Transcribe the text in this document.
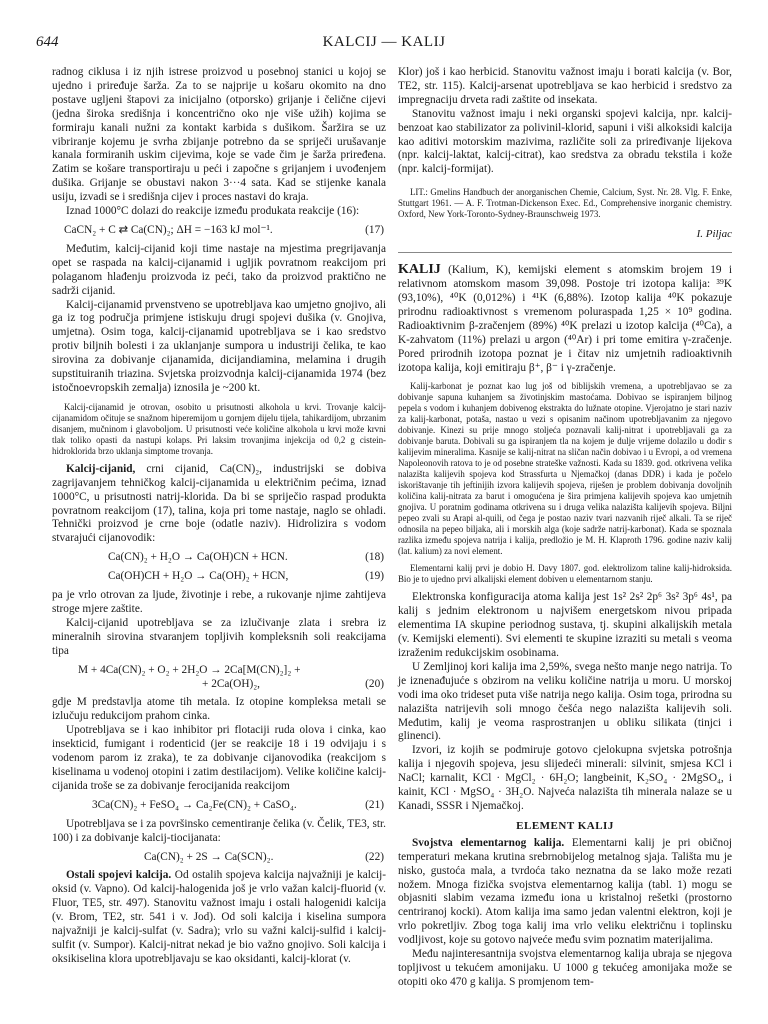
644	KALCIJ — KALIJ

radnog ciklusa i iz njih istrese proizvod u posebnoj stanici u kojoj se ujedno i priređuje šarža. Za to se najprije u košaru okomito na dno postave ugljeni štapovi za inicijalno (otporsko) grijanje i čelične cijevi (jedna široka središnja i koncentrično oko nje više užih) kojima se formiraju kanali nužni za kontakt karbida s dušikom. Šaržira se uz vibriranje kojemu je svrha zbijanje potrebno da se spriječi urušavanje kanala formiranih uskim cijevima, koje se vade čim je šarža priređena. Zatim se košare transportiraju u peći i započne s grijanjem i uvođenjem dušika. Grijanje se obustavi nakon 3···4 sata. Kad se stijenke kanala usiju, izvadi se i središnja cijev i proces nastavi do kraja.

Iznad 1000°C dolazi do reakcije između produkata reakcije (16):

CaCN₂ + C ⇄ Ca(CN)₂; ΔH = −163 kJ mol⁻¹.	(17)

Međutim, kalcij-cijanid koji time nastaje na mjestima pregrijavanja opet se raspada na kalcij-cijanamid i ugljik povratnom reakcijom pri polaganom hlađenju proizvoda iz peći, tako da proizvod praktično ne sadrži cijanid.

Kalcij-cijanamid prvenstveno se upotrebljava kao umjetno gnojivo, ali ga iz tog područja primjene istiskuju drugi spojevi dušika (v. Gnojiva, umjetna). Osim toga, kalcij-cijanamid upotrebljava se i kao sredstvo protiv biljnih bolesti i za uklanjanje sumpora u industriji čelika, te kao sirovina za dobivanje cijanamida, dicijandiamina, melamina i drugih supstituiranih triazina. Svjetska proizvodnja kalcij-cijanamida 1974 (bez istočnoevropskih zemalja) iznosila je ~200 kt.

Kalcij-cijanamid je otrovan, osobito u prisutnosti alkohola u krvi. Trovanje kalcij-cijanamidom očituje se snažnom hiperemijom u gornjem dijelu tijela, tahikardijom, ubrzanim disanjem, mučninom i glavoboljom. U prisutnosti veće količine alkohola u krvi može krvni tlak toliko opasti da nastupi kolaps. Pri laksim trovanjima injekcija od 0,2 g cistein-hidroklorida brzo uklanja simptome trovanja.

Kalcij-cijanid, crni cijanid, Ca(CN)₂, industrijski se dobiva zagrijavanjem tehničkog kalcij-cijanamida u električnim pećima, iznad 1000°C, u prisutnosti natrij-klorida. Da bi se spriječio raspad produkta povratnom reakcijom (17), talina, koja pri tome nastaje, naglo se ohladi. Tehnički proizvod je crne boje (odatle naziv). Hidrolizira s vodom stvarajući cijanovodik:

Ca(CN)₂ + H₂O → Ca(OH)CN + HCN.	(18)
Ca(OH)CH + H₂O → Ca(OH)₂ + HCN,	(19)

pa je vrlo otrovan za ljude, životinje i rebe, a rukovanje njime zahtijeva stroge mjere zaštite.

Kalcij-cijanid upotrebljava se za izlučivanje zlata i srebra iz mineralnih sirovina stvaranjem topljivih kompleksnih soli reakcijama tipa

M + 4Ca(CN)₂ + O₂ + 2H₂O → 2Ca[M(CN)₂]₂ +
+ 2Ca(OH)₂,	(20)

gdje M predstavlja atome tih metala. Iz otopine kompleksa metali se izlučuju redukcijom prahom cinka.

Upotrebljava se i kao inhibitor pri flotaciji ruda olova i cinka, kao insekticid, fumigant i rodenticid (jer se reakcije 18 i 19 odvijaju i s vodenom parom iz zraka), te za dobivanje cijanovodika (reakcijom s kiselinama u vodenoj otopini i zatim destilacijom). Velike količine kalcij-cijanida troše se za dobivanje ferocijanida reakcijom

3Ca(CN)₂ + FeSO₄ → Ca₂Fe(CN)₂ + CaSO₄.	(21)

Upotrebljava se i za površinsko cementiranje čelika (v. Čelik, TE3, str. 100) i za dobivanje kalcij-tiocijanata:

Ca(CN)₂ + 2S → Ca(SCN)₂.	(22)

Ostali spojevi kalcija. Od ostalih spojeva kalcija najvažniji je kalcij-oksid (v. Vapno). Od kalcij-halogenida još je vrlo važan kalcij-fluorid (v. Fluor, TE5, str. 497). Stanovitu važnost imaju i ostali halogenidi kalcija (v. Brom, TE2, str. 541 i v. Jod). Od soli kalcija i kiselina sumpora najvažniji je kalcij-sulfat (v. Sadra); vrlo su važni kalcij-sulfid i kalcij-sulfit (v. Sumpor). Kalcij-nitrat nekad je bio važno gnojivo. Soli kalcija i oksikiselina klora upotrebljavaju se kao oksidanti, kalcij-klorat (v.

Klor) još i kao herbicid. Stanovitu važnost imaju i borati kalcija (v. Bor, TE2, str. 115). Kalcij-arsenat upotrebljava se kao herbicid i sredstvo za impregnaciju drveta radi zaštite od insekata.

Stanovitu važnost imaju i neki organski spojevi kalcija, npr. kalcij-benzoat kao stabilizator za polivinil-klorid, sapuni i viši alkoksidi kalcija kao aditivi motorskim mazivima, različite soli za priređivanje lijekova (npr. kalcij-laktat, kalcij-citrat), kao sredstva za obradu tekstila i kože (npr. kalcij-formijat).

LIT.: Gmelins Handbuch der anorganischen Chemie, Calcium, Syst. Nr. 28. Vlg. F. Enke, Stuttgart 1961. — A. F. Trotman-Dickenson Exec. Ed., Comprehensive inorganic chemistry. Oxford, New York-Toronto-Sydney-Braunschweig 1973.

I. Piljac

KALIJ (Kalium, K), kemijski element s atomskim brojem 19 i relativnom atomskom masom 39,098. Postoje tri izotopa kalija: ³⁹K (93,10%), ⁴⁰K (0,012%) i ⁴¹K (6,88%). Izotop kalija ⁴⁰K pokazuje prirodnu radioaktivnost s vremenom poluraspada 1,25 × 10⁹ godina. Radioaktivnim β-zračenjem (89%) ⁴⁰K prelazi u izotop kalcija (⁴⁰Ca), a K-zahvatom (11%) prelazi u argon (⁴⁰Ar) i pri tome emitira γ-zračenje. Pored prirodnih izotopa poznat je i čitav niz umjetnih radioaktivnih izotopa kalija, koji emitiraju β⁺, β⁻ i γ-zračenje.

Kalij-karbonat je poznat kao lug još od biblijskih vremena, a upotrebljavao se za dobivanje sapuna kuhanjem sa životinjskim mastoćama. Dobivao se ispiranjem biljnog pepela s vodom i kuhanjem dobivenog ekstrakta do lužnate otopine. Vjerojatno je stari naziv za kalij-karbonat, potaša, nastao u vezi s opisanim načinom upotrebljavanim za njegovo dobivanje. Kinezi su prije mnogo stoljeća poznavali kalij-nitrat i upotrebljavali ga za dobivanje baruta. Dobivali su ga ispiranjem tla na kojem je dulje vrijeme dolazilo u dodir s kalijevim mineralima. Kasnije se kalij-nitrat na sličan način dobivao i u Evropi, a od vremena Napoleonovih ratova to je od posebne strateške važnosti. Kada su 1839. god. otkrivena velika nalazišta kalijevih spojeva kod Strassfurta u Njemačkoj (danas DDR) i kada je počelo iskorištavanje tih jeftinijih izvora kalijevih spojeva, riješen je problem dobivanja dovoljnih količina kalij-nitrata za barut i omogućena je šira primjena kalijevih spojeva kao umjetnih gnojiva. U poratnim godinama otkrivena su i druga velika nalazišta kalijevih spojeva. Biljni pepeo zvali su Arapi al-quili, od čega je postao naziv tvari nazvanih riječ alkali. Ta se riječ odnosila na pepeo biljaka, ali i morskih alga (koje sadrže natrij-karbonat). Kada se spoznala razlika između spojeva natrija i kalija, predložio je M. H. Klaproth 1796. godine naziv kalij (lat. kalium) za novi element.

Elementarni kalij prvi je dobio H. Davy 1807. god. elektrolizom taline kalij-hidroksida. Bio je to ujedno prvi alkalijski element dobiven u elementarnom stanju.

Elektronska konfiguracija atoma kalija jest 1s² 2s² 2p⁶ 3s² 3p⁶ 4s¹, pa kalij s jednim elektronom u najvišem energetskom nivou pripada elementima IA skupine periodnog sustava, tj. skupini alkalijskih metala (v. Kemijski elementi). Svi elementi te skupine izraziti su metali s veoma izraženim redukcijskim osobinama.

U Zemljinoj kori kalija ima 2,59%, svega nešto manje nego natrija. To je iznenađujuće s obzirom na veliku količine natrija u moru. U morskoj vodi ima oko trideset puta više natrija nego kalija. Osim toga, prirodna su nalazišta natrijevih soli mnogo češća nego nalazišta kalijevih soli. Međutim, kalij je veoma rasprostranjen u obliku silikata (tinjci i glinenci).

Izvori, iz kojih se podmiruje gotovo cjelokupna svjetska potrošnja kalija i njegovih spojeva, jesu slijedeći minerali: silvinit, smjesa KCl i NaCl; karnalit, KCl · MgCl₂ · 6H₂O; langbeinit, K₂SO₄ · 2MgSO₄, i kainit, KCl · MgSO₄ · 3H₂O. Najveća nalazišta tih minerala nalaze se u Kanadi, SSSR i Njemačkoj.

ELEMENT KALIJ

Svojstva elementarnog kalija. Elementarni kalij je pri običnoj temperaturi mekana krutina srebrnobijelog metalnog sjaja. Tališta mu je nisko, gustoća mala, a tvrdoća tako neznatna da se lako može rezati nožem. Mnoga fizička svojstva elementarnog kalija (tabl. 1) mogu se objasniti slabim vezama između iona u kristalnoj rešetki (prostorno centriranoj kocki). Atom kalija ima samo jedan valentni elektron, koji je vrlo pokretljiv. Zbog toga kalij ima vrlo veliku električnu i toplinsku vodljivost, koje su gotovo najveće među svim poznatim materijalima.

Među najinteresantnija svojstva elementarnog kalija ubraja se njegova topljivost u tekućem amonijaku. U 1000 g tekućeg amonijaka može se otopiti oko 470 g kalija. S promjenom tem-
